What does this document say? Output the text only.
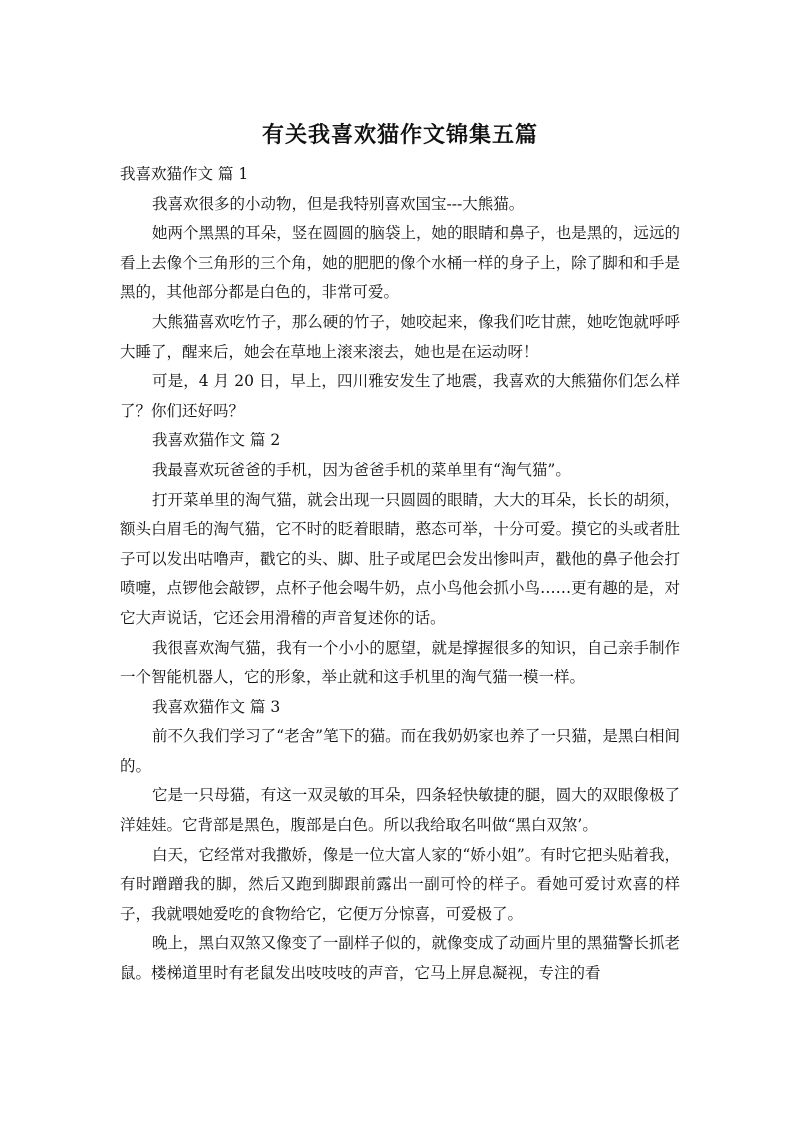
有关我喜欢猫作文锦集五篇

我喜欢猫作文 篇 1

我喜欢很多的小动物，但是我特别喜欢国宝---大熊猫。

她两个黑黑的耳朵，竖在圆圆的脑袋上，她的眼睛和鼻子，也是黑的，远远的看上去像个三角形的三个角，她的肥肥的像个水桶一样的身子上，除了脚和和手是黑的，其他部分都是白色的，非常可爱。

大熊猫喜欢吃竹子，那么硬的竹子，她咬起来，像我们吃甘蔗，她吃饱就呼呼大睡了，醒来后，她会在草地上滚来滚去，她也是在运动呀！

可是，4 月 20 日，早上，四川雅安发生了地震，我喜欢的大熊猫你们怎么样了？你们还好吗？

我喜欢猫作文 篇 2

我最喜欢玩爸爸的手机，因为爸爸手机的菜单里有“淘气猫”。

打开菜单里的淘气猫，就会出现一只圆圆的眼睛，大大的耳朵，长长的胡须，额头白眉毛的淘气猫，它不时的眨着眼睛，憨态可举，十分可爱。摸它的头或者肚子可以发出咕噜声，戳它的头、脚、肚子或尾巴会发出惨叫声，戳他的鼻子他会打喷嚏，点锣他会敲锣，点杯子他会喝牛奶，点小鸟他会抓小鸟……更有趣的是，对它大声说话，它还会用滑稽的声音复述你的话。

我很喜欢淘气猫，我有一个小小的愿望，就是撑握很多的知识，自己亲手制作一个智能机器人，它的形象，举止就和这手机里的淘气猫一模一样。

我喜欢猫作文 篇 3

前不久我们学习了“老舍”笔下的猫。而在我奶奶家也养了一只猫，是黑白相间的。

它是一只母猫，有这一双灵敏的耳朵，四条轻快敏捷的腿，圆大的双眼像极了洋娃娃。它背部是黑色，腹部是白色。所以我给取名叫做“黑白双煞’。

白天，它经常对我撒娇，像是一位大富人家的“娇小姐”。有时它把头贴着我，有时蹭蹭我的脚，然后又跑到脚跟前露出一副可怜的样子。看她可爱讨欢喜的样子，我就喂她爱吃的食物给它，它便万分惊喜，可爱极了。

晚上，黑白双煞又像变了一副样子似的，就像变成了动画片里的黑猫警长抓老鼠。楼梯道里时有老鼠发出吱吱吱的声音，它马上屏息凝视，专注的看
